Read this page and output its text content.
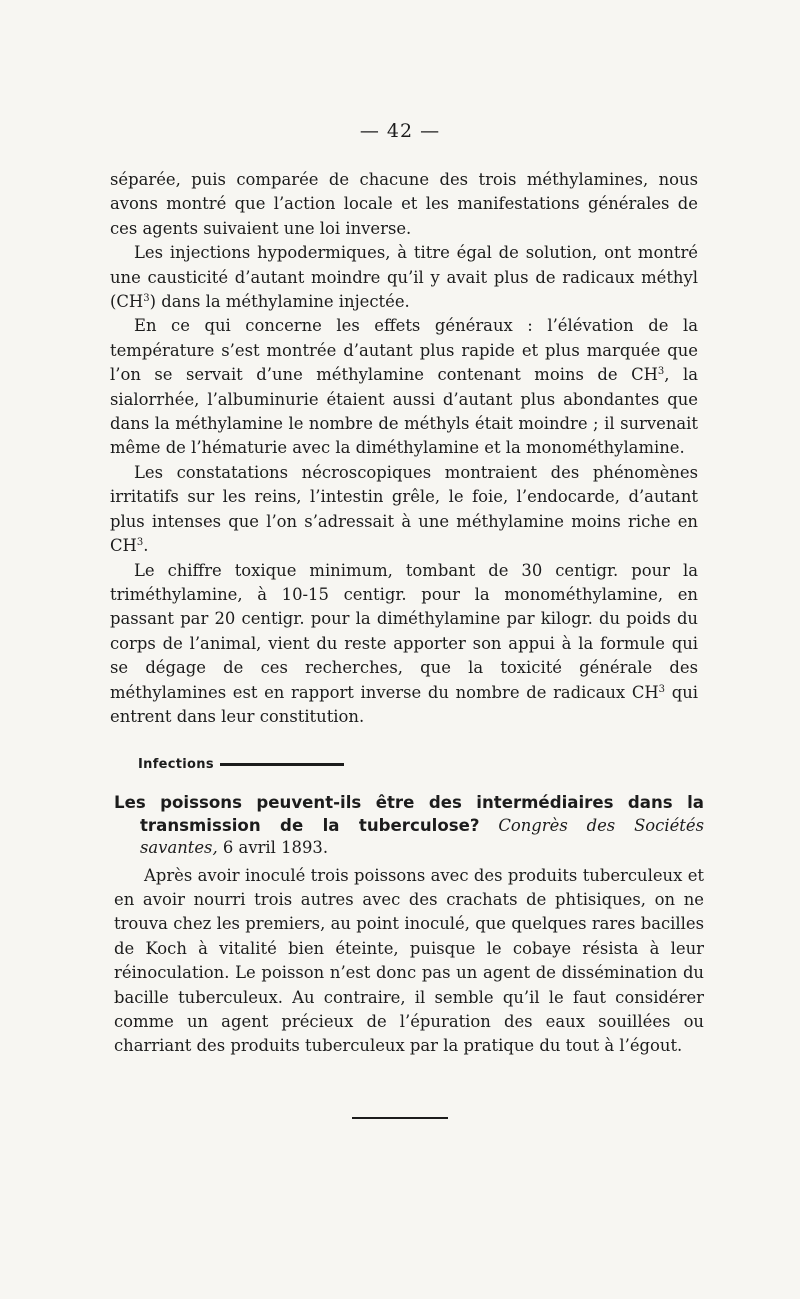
— 42 —

séparée, puis comparée de chacune des trois méthylamines, nous avons montré que l’action locale et les manifestations générales de ces agents suivaient une loi inverse.

Les injections hypodermiques, à titre égal de solution, ont montré une causticité d’autant moindre qu’il y avait plus de radicaux méthyl $(CH^3)$ dans la méthylamine injectée.

En ce qui concerne les effets généraux : l’élévation de la température s’est montrée d’autant plus rapide et plus marquée que l’on se servait d’une méthylamine contenant moins de $CH^3$, la sialorrhée, l’albuminurie étaient aussi d’autant plus abondantes que dans la méthylamine le nombre de méthyls était moindre ; il survenait même de l’hématurie avec la diméthylamine et la monométhylamine.

Les constatations nécroscopiques montraient des phénomènes irritatifs sur les reins, l’intestin grêle, le foie, l’endocarde, d’autant plus intenses que l’on s’adressait à une méthylamine moins riche en $CH^3$.

Le chiffre toxique minimum, tombant de 30 centigr. pour la triméthylamine, à 10-15 centigr. pour la monométhylamine, en passant par 20 centigr. pour la diméthylamine par kilogr. du poids du corps de l’animal, vient du reste apporter son appui à la formule qui se dégage de ces recherches, que la toxicité générale des méthylamines est en rapport inverse du nombre de radicaux $CH^3$ qui entrent dans leur constitution.

Infections

Les poissons peuvent-ils être des intermédiaires dans la transmission de la tuberculose? Congrès des Sociétés savantes, 6 avril 1893.

Après avoir inoculé trois poissons avec des produits tuberculeux et en avoir nourri trois autres avec des crachats de phtisiques, on ne trouva chez les premiers, au point inoculé, que quelques rares bacilles de Koch à vitalité bien éteinte, puisque le cobaye résista à leur réinoculation. Le poisson n’est donc pas un agent de dissémination du bacille tuberculeux. Au contraire, il semble qu’il le faut considérer comme un agent précieux de l’épuration des eaux souillées ou charriant des produits tuberculeux par la pratique du tout à l’égout.
